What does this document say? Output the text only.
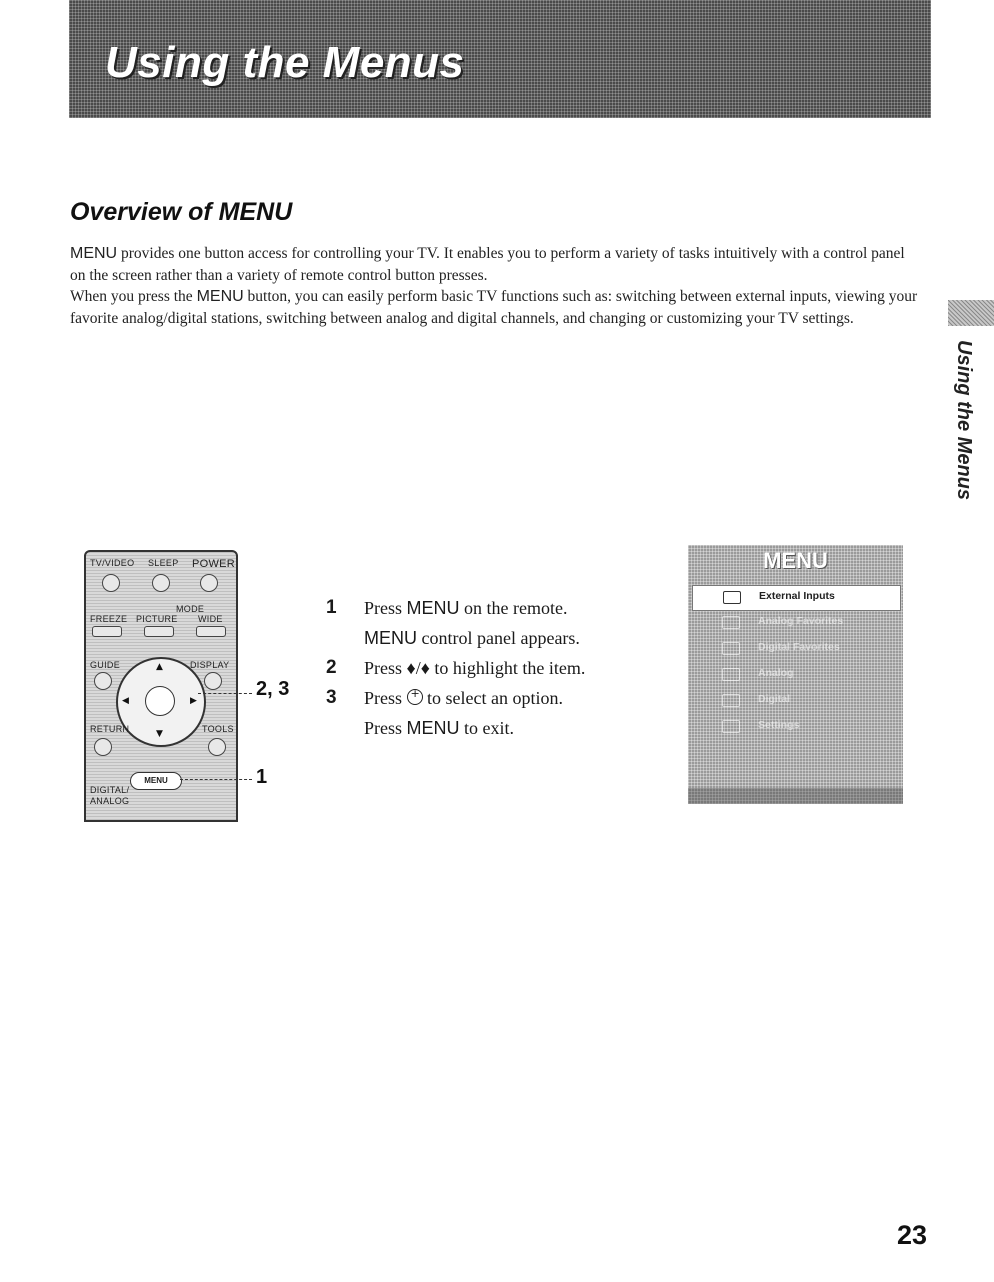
Using the Menus
Overview of MENU
MENU provides one button access for controlling your TV. It enables you to perform a variety of tasks intuitively with a control panel on the screen rather than a variety of remote control button presses.
When you press the MENU button, you can easily perform basic TV functions such as: switching between external inputs, viewing your favorite analog/digital stations, switching between analog and digital channels, and changing or customizing your TV settings.
Using the Menus
TV/VIDEO SLEEP POWER
MODE
FREEZE PICTURE WIDE
GUIDE	DISPLAY
▲
▼
◀	▶
RETURN	TOOLS
MENU
DIGITAL/
ANALOG
2, 3
1
1 Press MENU on the remote.
MENU control panel appears.
2 Press ♦/♦ to highlight the item.
3 Press + to select an option.
Press MENU to exit.
MENU
External Inputs
Analog Favorites
Digital Favorites
Analog
Digital
Settings
23
